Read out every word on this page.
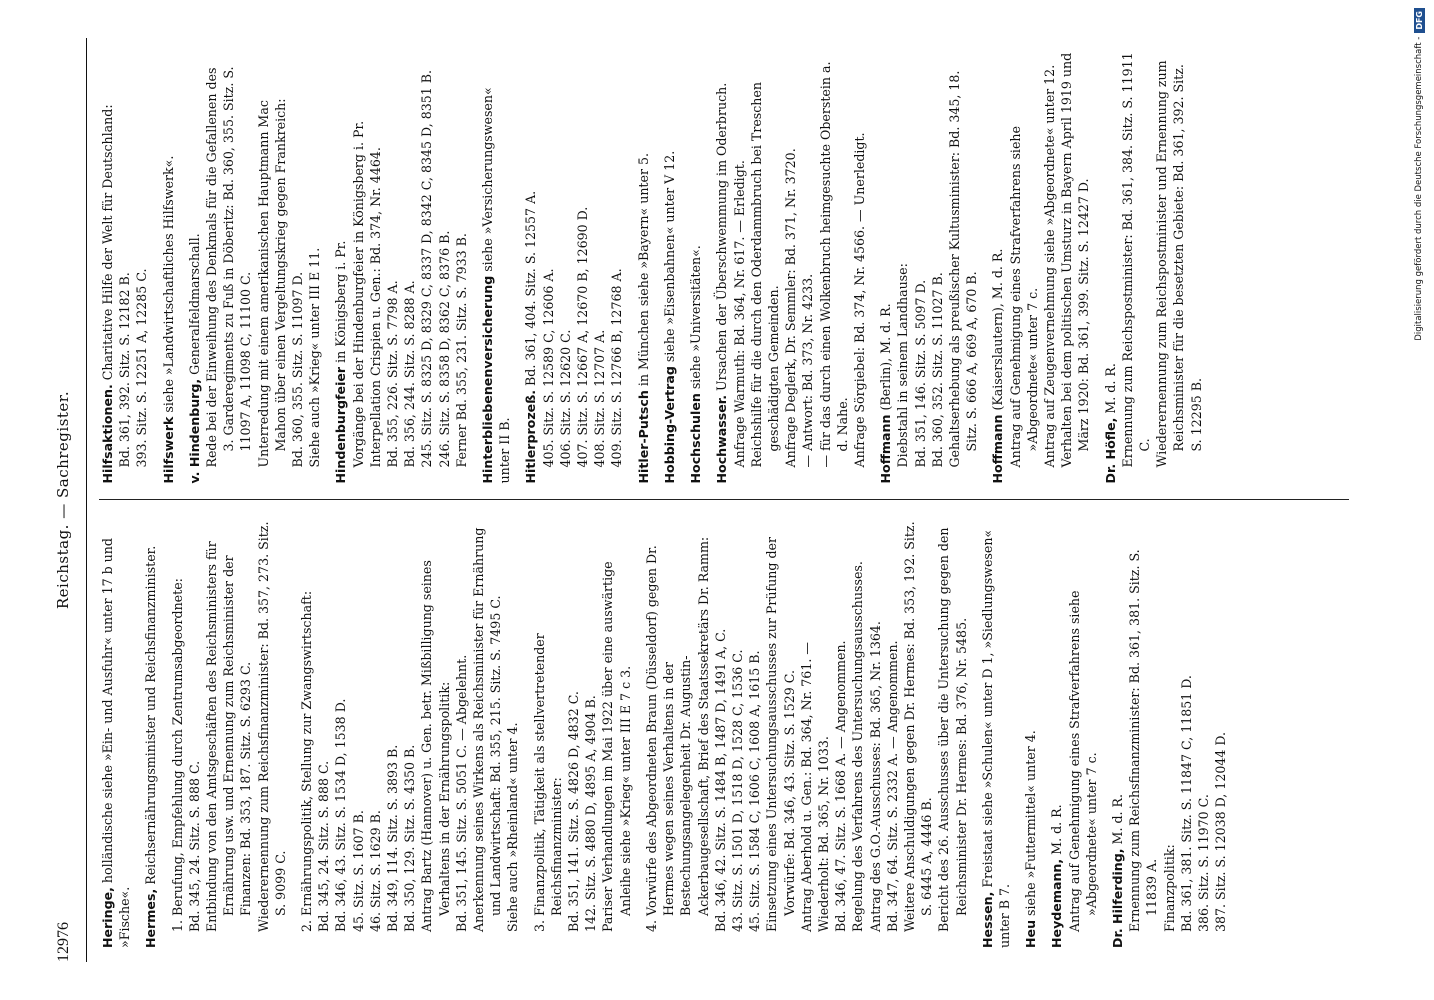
12976
Reichstag. — Sachregister.
Heringe,holländische siehe »Ein- und Ausfuhr« unter 17 b und »Fische«. Hermes,Reichsernährungsminister und Reichsfinanzminister. 1. Berufung, Empfehlung durch Zentrumsabgeordnete: Bd. 345, 24. Sitz. S. 888 C. Entbindung von den Amtsgeschäften des Reichsministers für Ernährung usw. und Ernennung zum Reichsminister der Finanzen: Bd. 353, 187. Sitz. S. 6293 C. Wiederernennung zum Reichsfinanzminister: Bd. 357, 273. Sitz. S. 9099 C. 2. Ernährungspolitik, Stellung zur Zwangswirtschaft: Bd. 345, 24. Sitz. S. 888 C. Bd. 346, 43. Sitz. S. 1534 D, 1538 D. 45. Sitz. S. 1607 B. 46. Sitz. S. 1629 B. Bd. 349, 114. Sitz. S. 3893 B. Bd. 350, 129. Sitz. S. 4350 B. Antrag Bartz (Hannover) u. Gen. betr. Mißbilligung seines Verhaltens in der Ernährungspolitik: Bd. 351, 145. Sitz. S. 5051 C. — Abgelehnt. Anerkennung seines Wirkens als Reichsminister für Ernährung und Landwirtschaft: Bd. 355, 215. Sitz. S. 7495 C. Siehe auch »Rheinland« unter 4. 3. Finanzpolitik, Tätigkeit als stellvertretender Reichsfinanzminister: Bd. 351, 141. Sitz. S. 4826 D, 4832 C. 142. Sitz. S. 4880 D, 4895 A, 4904 B. Pariser Verhandlungen im Mai 1922 über eine auswärtige Anleihe siehe »Krieg« unter III E 7 c 3. 4. Vorwürfe des Abgeordneten Braun (Düsseldorf) gegen Dr. Hermes wegen seines Verhaltens in der Bestechungsangelegenheit Dr. Augustin-Ackerbaugesellschaft, Brief des Staatssekretärs Dr. Ramm: Bd. 346, 42. Sitz. S. 1484 B, 1487 D, 1491 A, C. 43. Sitz. S. 1501 D, 1518 D, 1528 C, 1536 C. 45. Sitz. S. 1584 C, 1606 C, 1608 A, 1615 B. Einsetzung eines Untersuchungsausschusses zur Prüfung der Vorwürfe: Bd. 346, 43. Sitz. S. 1529 C. Antrag Aberhold u. Gen.: Bd. 364, Nr. 761. — Wiederholt: Bd. 365, Nr. 1033. Bd. 346, 47. Sitz. S. 1668 A. — Angenommen. Regelung des Verfahrens des Untersuchungsausschusses. Antrag des G.O.-Ausschusses: Bd. 365, Nr. 1364. Bd. 347, 64. Sitz. S. 2332 A. — Angenommen. Weitere Anschuldigungen gegen Dr. Hermes: Bd. 353, 192. Sitz. S. 6445 A, 4446 B. Bericht des 26. Ausschusses über die Untersuchung gegen den Reichsminister Dr. Hermes: Bd. 376, Nr. 5485.
Hessen,Freistaat siehe »Schulen« unter D 1, »Siedlungswesen« unter B 7. Heusiehe »Futtermittel« unter 4. Heydemann,M. d. R. Antrag auf Genehmigung eines Strafverfahrens siehe »Abgeordnete« unter 7 c. Dr. Hilferding,M. d. R. Ernennung zum Reichsfinanzminister: Bd. 361, 381. Sitz. S. 11839 A. Finanzpolitik: Bd. 361, 381. Sitz. S. 11847 C, 11851 D. 386. Sitz. S. 11970 C. 387. Sitz. S. 12038 D, 12044 D.
Hilfsaktionen.Charitative Hilfe der Welt für Deutschland: Bd. 361, 392. Sitz. S. 12182 B. 393. Sitz. S. 12251 A, 12285 C. Hilfswerksiehe »Landwirtschaftliches Hilfswerk«.
v. Hindenburg,Generalfeldmarschall. Rede bei der Einweihung des Denkmals für die Gefallenen des 3. Garderegiments zu Fuß in Döberitz: Bd. 360, 355. Sitz. S. 11097 A, 11098 C, 11100 C. Unterredung mit einem amerikanischen Hauptmann Mac Mahon über einen Vergeltungskrieg gegen Frankreich: Bd. 360, 355. Sitz. S. 11097 D. Siehe auch »Krieg« unter III E 11. Hindenburgfeierin Königsberg i. Pr. Vorgänge bei der Hindenburgfeier in Königsberg i. Pr. Interpellation Crispien u. Gen.: Bd. 374, Nr. 4464. Bd. 355, 226. Sitz. S. 7798 A. Bd. 356, 244. Sitz. S. 8288 A. 245. Sitz. S. 8325 D, 8329 C, 8337 D, 8342 C, 8345 D, 8351 B. 246. Sitz. S. 8358 D, 8362 C, 8376 B. Ferner Bd. 355, 231. Sitz. S. 7933 B. Hinterbliebenenversicherungsiehe »Versicherungswesen« unter II B. Hitlerprozeß.Bd. 361, 404. Sitz. S. 12557 A. 405. Sitz. S. 12589 C, 12606 A. 406. Sitz. S. 12620 C. 407. Sitz. S. 12667 A, 12670 B, 12690 D. 408. Sitz. S. 12707 A. 409. Sitz. S. 12766 B, 12768 A. Hitler-Putschin München siehe »Bayern« unter 5.
Hobbing-Vertragsiehe »Eisenbahnen« unter V 12.
Hochschulensiehe »Universitäten«.
Hochwasser.Ursachen der Überschwemmung im Oderbruch. Anfrage Warmuth: Bd. 364, Nr. 617. — Erledigt. Reichshilfe für die durch den Oderdammbruch bei Treschen geschädigten Gemeinden. Anfrage Deglerk, Dr. Semmler: Bd. 371, Nr. 3720. — Antwort: Bd. 373, Nr. 4233. — für das durch einen Wolkenbruch heimgesuchte Oberstein a. d. Nahe. Anfrage Sörgiebel: Bd. 374, Nr. 4566. — Unerledigt. Hoffmann(Berlin), M. d. R. Diebstahl in seinem Landhause: Bd. 351, 146. Sitz. S. 5097 D. Bd. 360, 352. Sitz. S. 11027 B. Gehaltserhebung als preußischer Kultusminister: Bd. 345, 18. Sitz. S. 666 A, 669 A, 670 B. Hoffmann(Kaiserslautern), M. d. R. Antrag auf Genehmigung eines Strafverfahrens siehe »Abgeordnete« unter 7 c. Antrag auf Zeugenvernehmung siehe »Abgeordnete« unter 12. Verhalten bei dem politischen Umsturz in Bayern April 1919 und März 1920: Bd. 361, 399. Sitz. S. 12427 D. Dr. Höfle,M. d. R. Ernennung zum Reichspostminister: Bd. 361, 384. Sitz. S. 11911 C. Wiederernennung zum Reichspostminister und Ernennung zum Reichsminister für die besetzten Gebiete: Bd. 361, 392. Sitz. S. 12295 B.
Digitalisierung gefördert durch die Deutsche Forschungsgemeinschaft -
DFG
